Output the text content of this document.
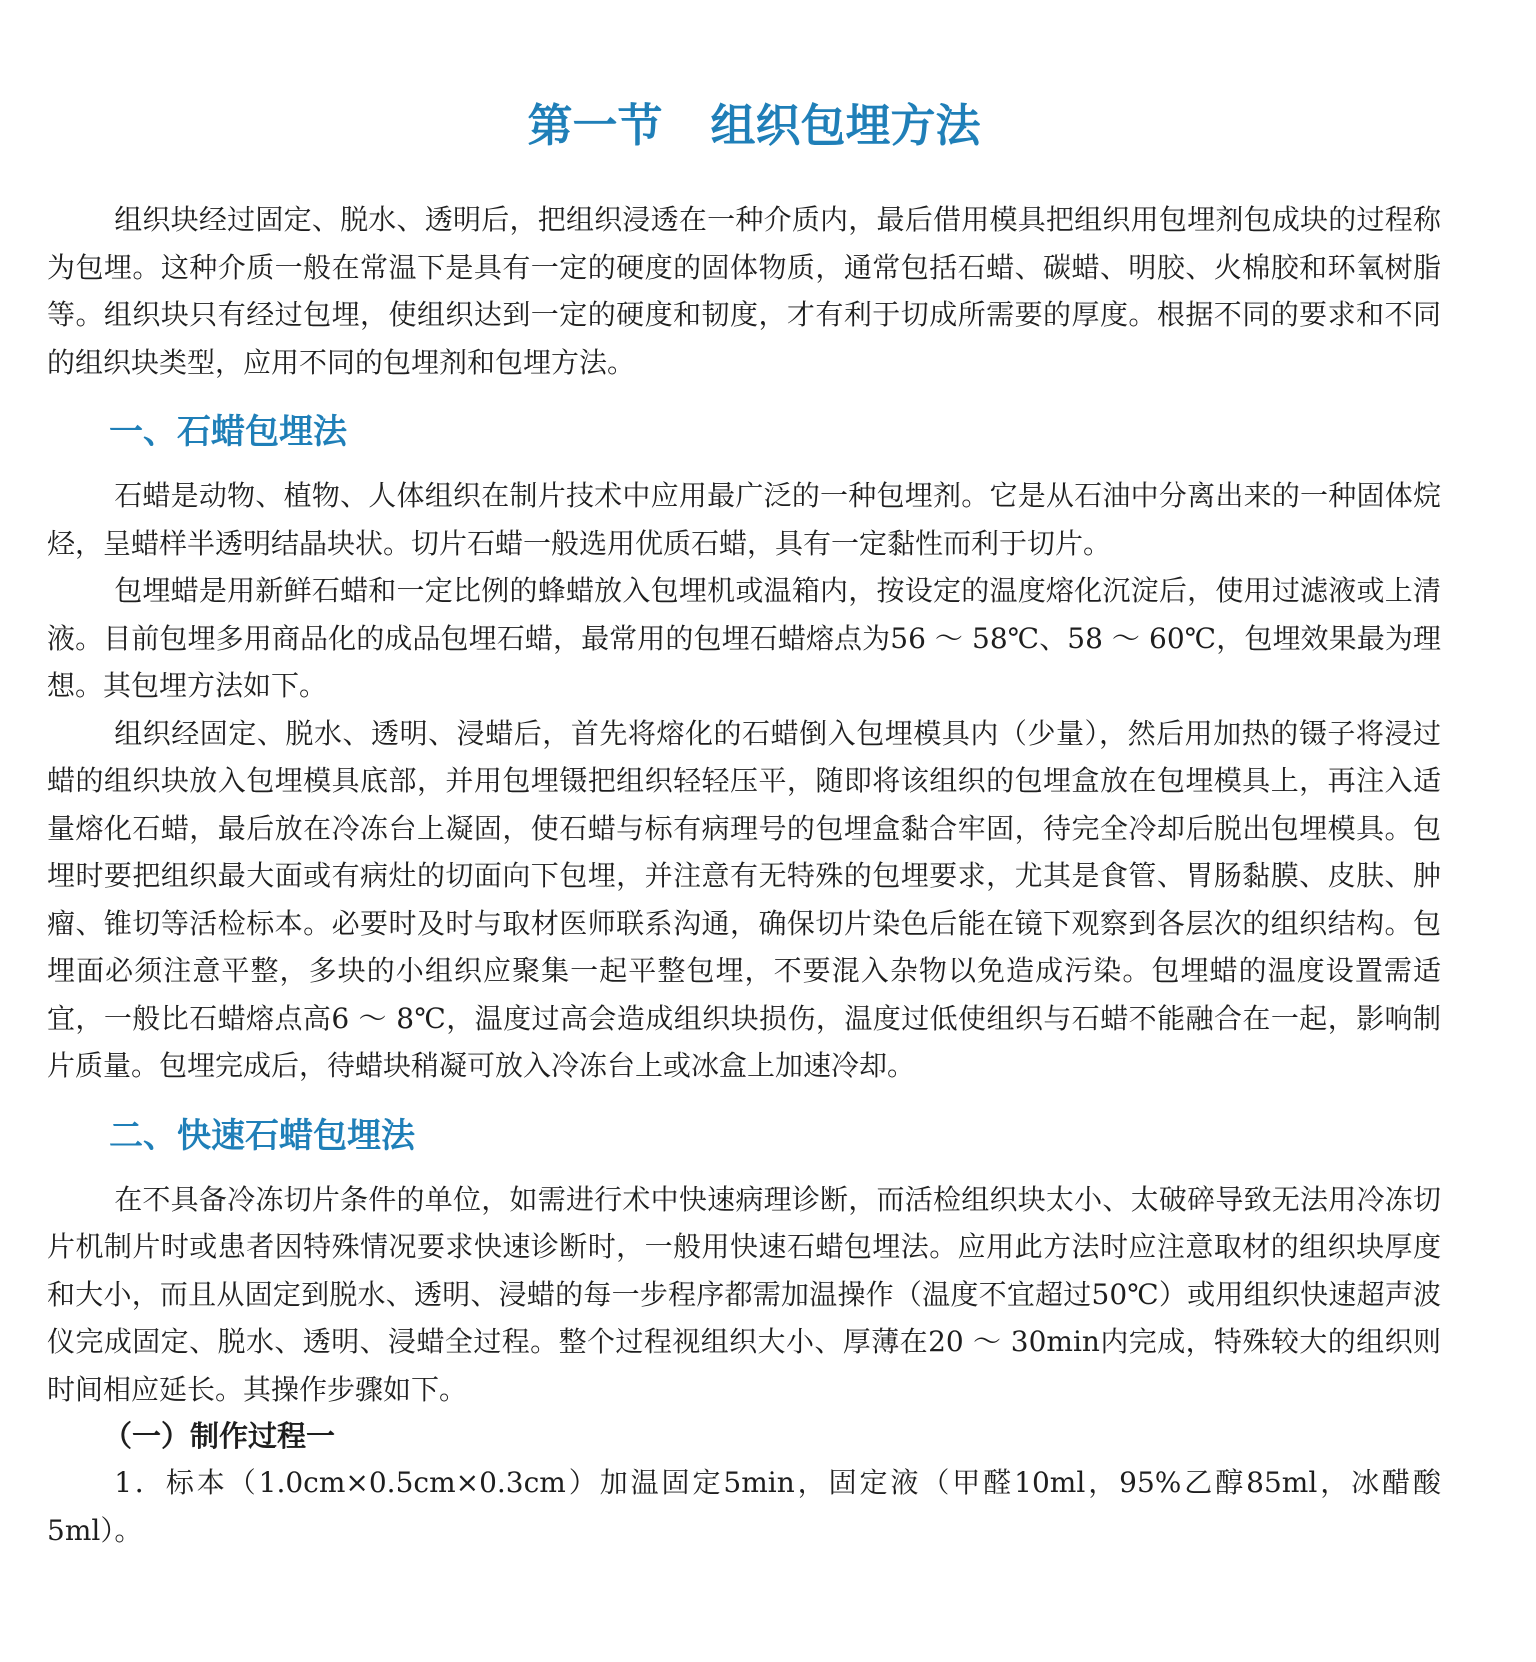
第一节 组织包埋方法

组织块经过固定、脱水、透明后，把组织浸透在一种介质内，最后借用模具把组织用包埋剂包成块的过程称为包埋。这种介质一般在常温下是具有一定的硬度的固体物质，通常包括石蜡、碳蜡、明胶、火棉胶和环氧树脂等。组织块只有经过包埋，使组织达到一定的硬度和韧度，才有利于切成所需要的厚度。根据不同的要求和不同的组织块类型，应用不同的包埋剂和包埋方法。

一、石蜡包埋法

石蜡是动物、植物、人体组织在制片技术中应用最广泛的一种包埋剂。它是从石油中分离出来的一种固体烷烃，呈蜡样半透明结晶块状。切片石蜡一般选用优质石蜡，具有一定黏性而利于切片。

包埋蜡是用新鲜石蜡和一定比例的蜂蜡放入包埋机或温箱内，按设定的温度熔化沉淀后，使用过滤液或上清液。目前包埋多用商品化的成品包埋石蜡，最常用的包埋石蜡熔点为56 ～ 58℃、58 ～ 60℃，包埋效果最为理想。其包埋方法如下。

组织经固定、脱水、透明、浸蜡后，首先将熔化的石蜡倒入包埋模具内（少量），然后用加热的镊子将浸过蜡的组织块放入包埋模具底部，并用包埋镊把组织轻轻压平，随即将该组织的包埋盒放在包埋模具上，再注入适量熔化石蜡，最后放在冷冻台上凝固，使石蜡与标有病理号的包埋盒黏合牢固，待完全冷却后脱出包埋模具。包埋时要把组织最大面或有病灶的切面向下包埋，并注意有无特殊的包埋要求，尤其是食管、胃肠黏膜、皮肤、肿瘤、锥切等活检标本。必要时及时与取材医师联系沟通，确保切片染色后能在镜下观察到各层次的组织结构。包埋面必须注意平整，多块的小组织应聚集一起平整包埋，不要混入杂物以免造成污染。包埋蜡的温度设置需适宜，一般比石蜡熔点高6 ～ 8℃，温度过高会造成组织块损伤，温度过低使组织与石蜡不能融合在一起，影响制片质量。包埋完成后，待蜡块稍凝可放入冷冻台上或冰盒上加速冷却。

二、快速石蜡包埋法

在不具备冷冻切片条件的单位，如需进行术中快速病理诊断，而活检组织块太小、太破碎导致无法用冷冻切片机制片时或患者因特殊情况要求快速诊断时，一般用快速石蜡包埋法。应用此方法时应注意取材的组织块厚度和大小，而且从固定到脱水、透明、浸蜡的每一步程序都需加温操作（温度不宜超过50℃）或用组织快速超声波仪完成固定、脱水、透明、浸蜡全过程。整个过程视组织大小、厚薄在20 ～ 30min内完成，特殊较大的组织则时间相应延长。其操作步骤如下。

（一）制作过程一

1．标本（1.0cm×0.5cm×0.3cm）加温固定5min，固定液（甲醛10ml，95%乙醇85ml，冰醋酸5ml）。
